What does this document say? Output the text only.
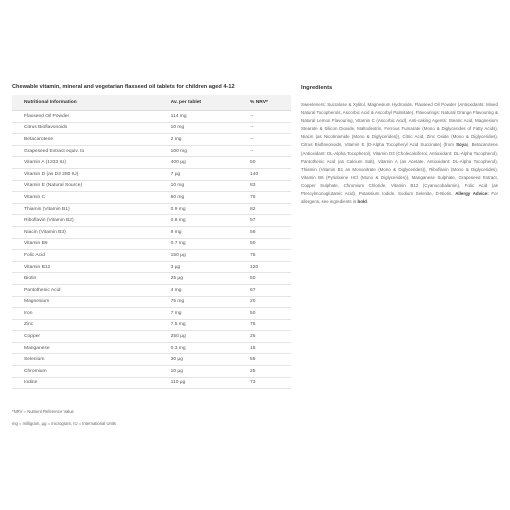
Chewable vitamin, mineral and vegetarian flaxseed oil tablets for children aged 4-12
Nutritional Information	Av. per tablet	% NRV*
Flaxseed Oil Powder	114 mg	--
Citrus Bioflavonoids	10 mg	--
Betacarotene	2 mg	--
Grapeseed Extract equiv. to	100 mg	--
Vitamin A (1333 IU)	400 µg	50
Vitamin D (as D3 280 IU)	7 µg	140
Vitamin E (Natural Source)	10 mg	83
Vitamin C	60 mg	75
Thiamin (Vitamin B1)	0.9 mg	82
Riboflavin (Vitamin B2)	0.8 mg	57
Niacin (Vitamin B3)	9 mg	56
Vitamin B6	0.7 mg	50
Folic Acid	150 µg	75
Vitamin B12	3 µg	120
Biotin	25 µg	50
Pantothenic Acid	4 mg	67
Magnesium	75 mg	20
Iron	7 mg	50
Zinc	7.5 mg	75
Copper	250 µg	25
Manganese	0.3 mg	15
Selenium	30 µg	55
Chromium	10 µg	25
Iodine	110 µg	73
*NRV = Nutrient Reference Value
mg = milligram, µg = microgram, IU = International Units
Ingredients
Sweeteners: Sucralose & Xylitol, Magnesium Hydroxide, Flaxseed Oil Powder (Antioxidants: Mixed Natural Tocopherols, Ascorbic Acid & Ascorbyl Palmitate), Flavourings: Natural Orange Flavouring & Natural Lemon Flavouring, Vitamin C (Ascorbic Acid), Anti-caking Agents: Stearic Acid, Magnesium Stearate & Silicon Dioxide, Maltodextrin, Ferrous Fumarate (Mono & Diglycerides of Fatty Acids), Niacin (as Nicotinamide (Mono & Diglycerides)), Citric Acid, Zinc Oxide (Mono & Diglycerides), Citrus Bioflavonoids, Vitamin E (D-Alpha Tocopheryl Acid Succinate) (from Soya), Betacarotene (Antioxidant: DL-Alpha Tocopherol), Vitamin D3 (Cholecalciferol, Antioxidant: DL-Alpha Tocopherol), Pantothenic Acid (as Calcium Salt), Vitamin A (as Acetate, Antioxidant: DL-Alpha Tocopherol), Thiamin (Vitamin B1 as Mononitrate (Mono & Diglycerides)), Riboflavin (Mono & Diglycerides), Vitamin B6 (Pyridoxine HCl (Mono & Diglycerides)), Manganese Sulphate, Grapeseed Extract, Copper Sulphate, Chromium Chloride, Vitamin B12 (Cyanocobalamin), Folic Acid (as Pteroylmonoglutamic Acid), Potassium Iodide, Sodium Selenite, D-Biotin. Allergy Advice: For allergens, see ingredients in bold.
